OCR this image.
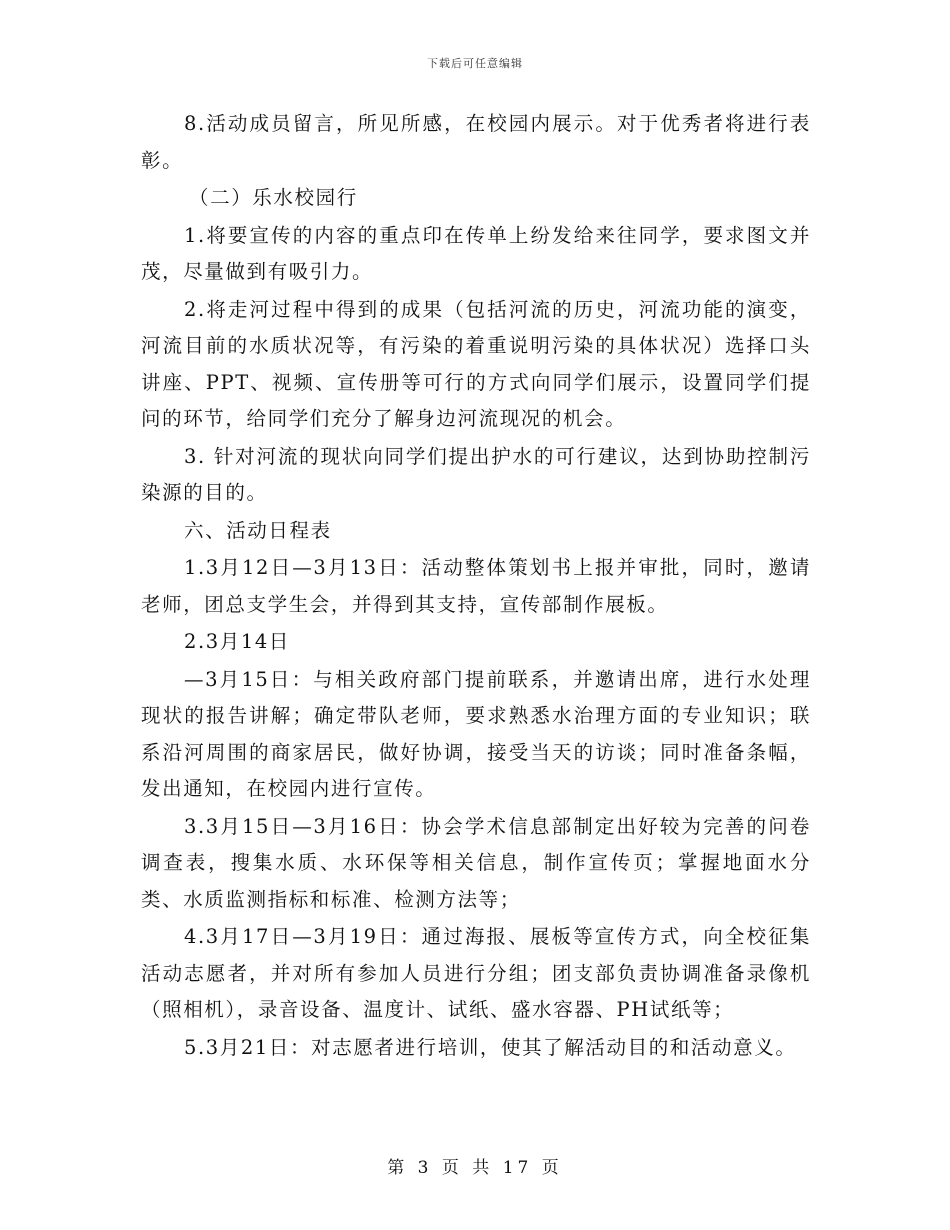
下载后可任意编辑

8.活动成员留言，所见所感，在校园内展示。对于优秀者将进行表彰。

（二）乐水校园行

1.将要宣传的内容的重点印在传单上纷发给来往同学，要求图文并茂，尽量做到有吸引力。

2.将走河过程中得到的成果（包括河流的历史，河流功能的演变，河流目前的水质状况等，有污染的着重说明污染的具体状况）选择口头讲座、PPT、视频、宣传册等可行的方式向同学们展示，设置同学们提问的环节，给同学们充分了解身边河流现况的机会。

3. 针对河流的现状向同学们提出护水的可行建议，达到协助控制污染源的目的。

六、活动日程表

1.3月12日—3月13日：活动整体策划书上报并审批，同时，邀请老师，团总支学生会，并得到其支持，宣传部制作展板。

2.3月14日

—3月15日：与相关政府部门提前联系，并邀请出席，进行水处理现状的报告讲解；确定带队老师，要求熟悉水治理方面的专业知识；联系沿河周围的商家居民，做好协调，接受当天的访谈；同时准备条幅，发出通知，在校园内进行宣传。

3.3月15日—3月16日：协会学术信息部制定出好较为完善的问卷调查表，搜集水质、水环保等相关信息，制作宣传页；掌握地面水分类、水质监测指标和标准、检测方法等；

4.3月17日—3月19日：通过海报、展板等宣传方式，向全校征集活动志愿者，并对所有参加人员进行分组；团支部负责协调准备录像机（照相机），录音设备、温度计、试纸、盛水容器、PH试纸等；

5.3月21日：对志愿者进行培训，使其了解活动目的和活动意义。

第 3 页 共 17 页
